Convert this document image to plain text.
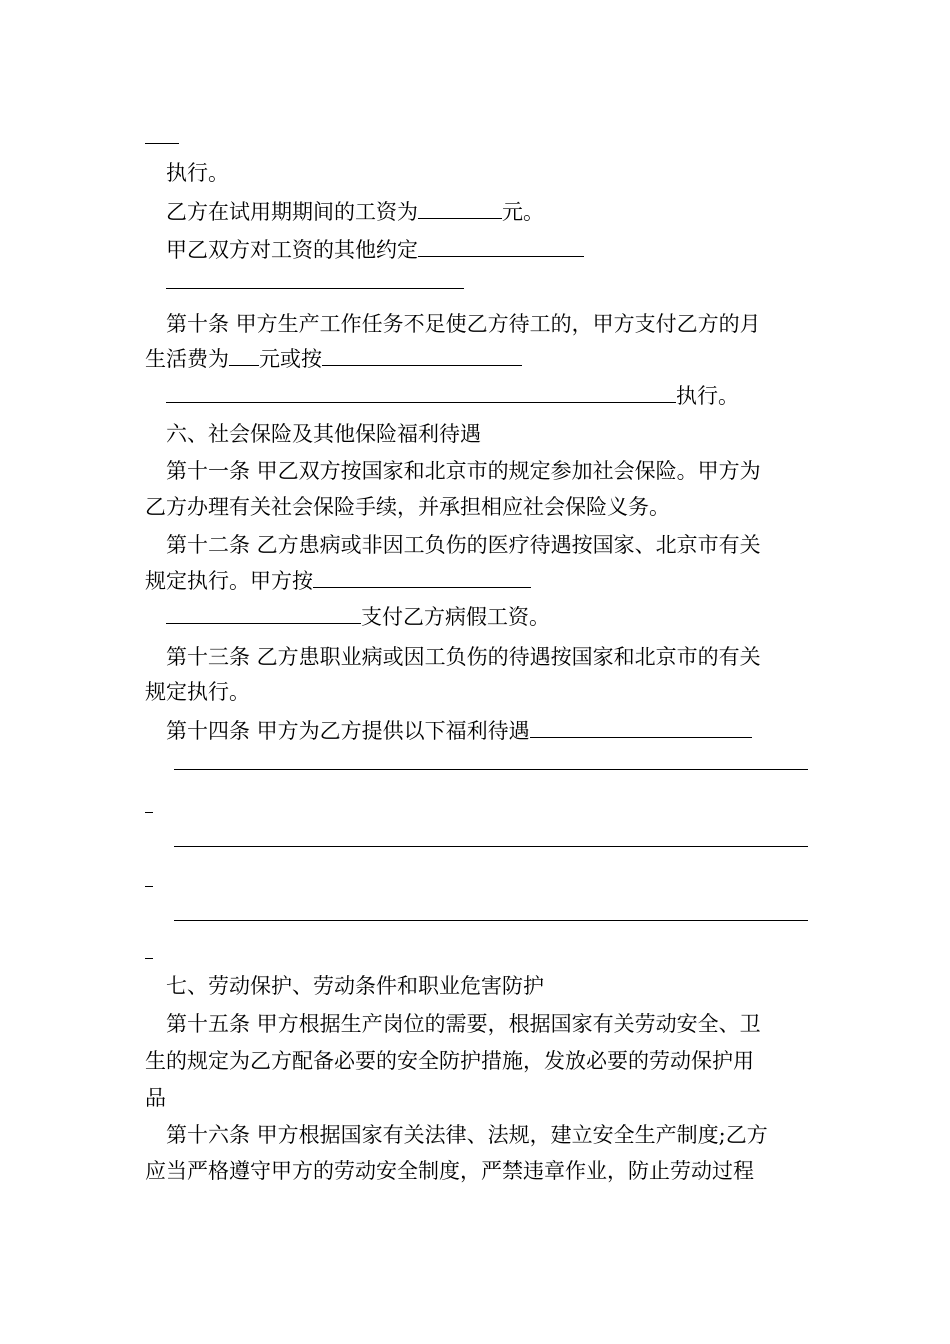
执行。
乙方在试用期期间的工资为	元。
甲乙双方对工资的其他约定
第十条 甲方生产工作任务不足使乙方待工的，甲方支付乙方的月
生活费为 元或按
执行。
六、社会保险及其他保险福利待遇
第十一条 甲乙双方按国家和北京市的规定参加社会保险。甲方为
乙方办理有关社会保险手续，并承担相应社会保险义务。
第十二条 乙方患病或非因工负伤的医疗待遇按国家、北京市有关
规定执行。甲方按
支付乙方病假工资。
第十三条 乙方患职业病或因工负伤的待遇按国家和北京市的有关
规定执行。
第十四条 甲方为乙方提供以下福利待遇
七、劳动保护、劳动条件和职业危害防护
第十五条 甲方根据生产岗位的需要，根据国家有关劳动安全、卫
生的规定为乙方配备必要的安全防护措施，发放必要的劳动保护用
品
第十六条 甲方根据国家有关法律、法规，建立安全生产制度;乙方
应当严格遵守甲方的劳动安全制度，严禁违章作业，防止劳动过程
